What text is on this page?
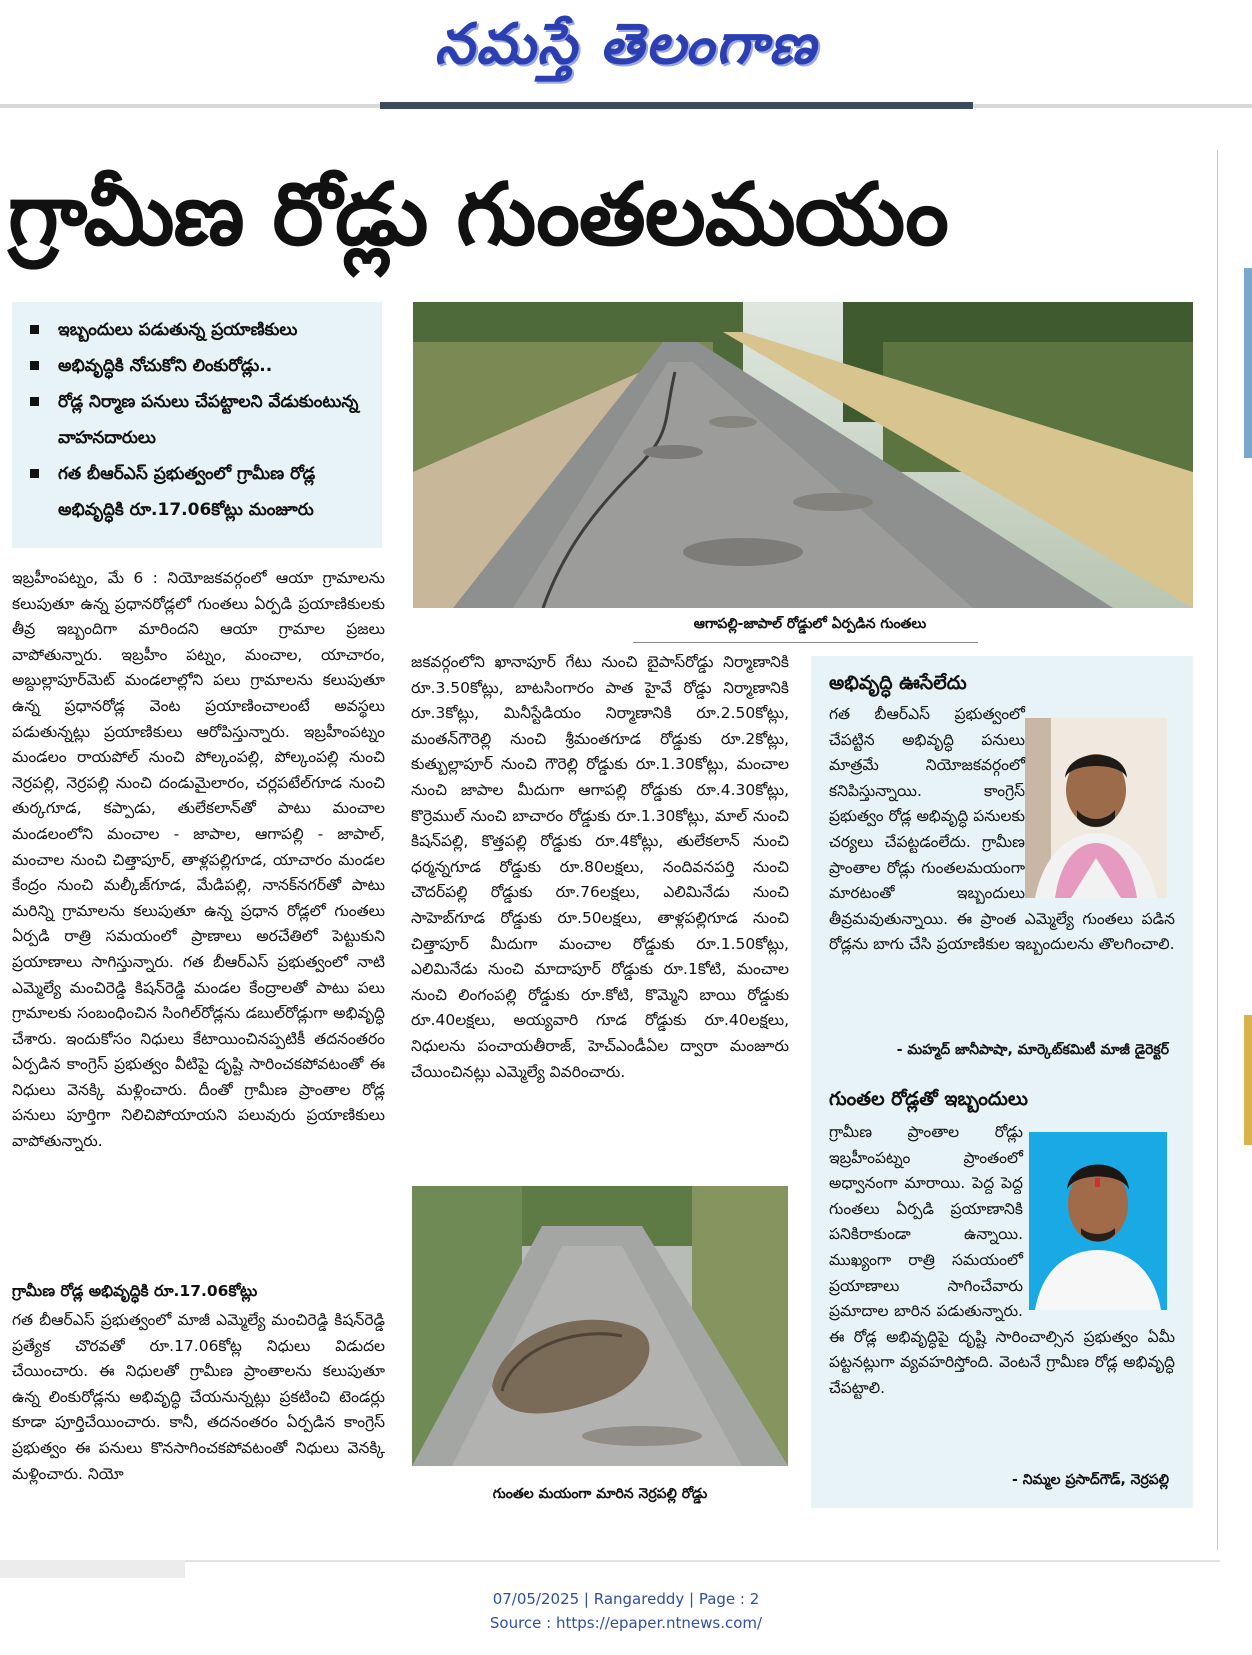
నమస్తే తెలంగాణ
గ్రామీణ రోడ్లు గుంతలమయం
ఇబ్బందులు పడుతున్న ప్రయాణికులు
అభివృద్ధికి నోచుకోని లింకురోడ్లు..
రోడ్ల నిర్మాణ పనులు చేపట్టాలని వేడుకుంటున్న వాహనదారులు
గత బీఆర్ఎస్ ప్రభుత్వంలో గ్రామీణ రోడ్ల అభివృద్ధికి రూ.17.06కోట్లు మంజూరు
ఆగాపల్లి-జాపాల్ రోడ్డులో ఏర్పడిన గుంతలు
ఇబ్రహీంపట్నం, మే 6 : నియోజకవర్గంలో ఆయా గ్రామాలను కలుపుతూ ఉన్న ప్రధానరోడ్లలో గుంతలు ఏర్పడి ప్రయాణికులకు తీవ్ర ఇబ్బందిగా మారిందని ఆయా గ్రామాల ప్రజలు వాపోతున్నారు. ఇబ్రహీం పట్నం, మంచాల, యాచారం, అబ్దుల్లాపూర్‌మెట్ మండలాల్లోని పలు గ్రామాలను కలుపుతూ ఉన్న ప్రధానరోడ్ల వెంట ప్రయాణించాలంటే అవస్థలు పడుతున్నట్లు ప్రయాణికులు ఆరోపిస్తున్నారు. ఇబ్రహీంపట్నం మండలం రాయపోల్ నుంచి పోల్కంపల్లి, పోల్కంపల్లి నుంచి నెర్రపల్లి, నెర్రపల్లి నుంచి దండుమైలారం, చర్లపటేల్‌గూడ నుంచి తుర్కగూడ, కప్పాడు, తులేకలాన్‌తో పాటు మంచాల మండలంలోని మంచాల - జాపాల, ఆగాపల్లి - జాపాల్, మంచాల నుంచి చిత్తాపూర్, తాళ్లపల్లిగూడ, యాచారం మండల కేంద్రం నుంచి మల్కీజ్‌గూడ, మేడిపల్లి, నానక్‌నగర్‌తో పాటు మరిన్ని గ్రామాలను కలుపుతూ ఉన్న ప్రధాన రోడ్లలో గుంతలు ఏర్పడి రాత్రి సమయంలో ప్రాణాలు అరచేతిలో పెట్టుకుని ప్రయాణాలు సాగిస్తున్నారు. గత బీఆర్ఎస్ ప్రభుత్వంలో నాటి ఎమ్మెల్యే మంచిరెడ్డి కిషన్‌రెడ్డి మండల కేంద్రాలతో పాటు పలు గ్రామాలకు సంబంధించిన సింగిల్‌రోడ్లను డబుల్‌రోడ్లుగా అభివృద్ధి చేశారు. ఇందుకోసం నిధులు కేటాయించినప్పటికీ తదనంతరం ఏర్పడిన కాంగ్రెస్ ప్రభుత్వం వీటిపై దృష్టి సారించకపోవటంతో ఈ నిధులు వెనక్కి మళ్లించారు. దీంతో గ్రామీణ ప్రాంతాల రోడ్ల పనులు పూర్తిగా నిలిచిపోయాయని పలువురు ప్రయాణికులు వాపోతున్నారు.
గ్రామీణ రోడ్ల అభివృద్ధికి రూ.17.06కోట్లు
గత బీఆర్ఎస్ ప్రభుత్వంలో మాజీ ఎమ్మెల్యే మంచిరెడ్డి కిషన్‌రెడ్డి ప్రత్యేక చొరవతో రూ.17.06కోట్ల నిధులు విడుదల చేయించారు. ఈ నిధులతో గ్రామీణ ప్రాంతాలను కలుపుతూ ఉన్న లింకురోడ్లను అభివృద్ధి చేయనున్నట్లు ప్రకటించి టెండర్లు కూడా పూర్తిచేయించారు. కానీ, తదనంతరం ఏర్పడిన కాంగ్రెస్ ప్రభుత్వం ఈ పనులు కొనసాగించకపోవటంతో నిధులు వెనక్కి మళ్లించారు. నియో
జకవర్గంలోని ఖానాపూర్ గేటు నుంచి బైపాస్‌రోడ్డు నిర్మాణానికి రూ.3.50కోట్లు, బాటసింగారం పాత హైవే రోడ్డు నిర్మాణానికి రూ.3కోట్లు, మినీస్టేడియం నిర్మాణానికి రూ.2.50కోట్లు, మంతన్‌గౌరెల్లి నుంచి శ్రీమంతగూడ రోడ్డుకు రూ.2కోట్లు, కుత్బుల్లాపూర్ నుంచి గౌరెల్లి రోడ్డుకు రూ.1.30కోట్లు, మంచాల నుంచి జాపాల మీదుగా ఆగాపల్లి రోడ్డుకు రూ.4.30కోట్లు, కొర్రెముల్ నుంచి బాచారం రోడ్డుకు రూ.1.30కోట్లు, మాల్ నుంచి కిషన్‌పల్లి, కొత్తపల్లి రోడ్డుకు రూ.4కోట్లు, తులేకలాన్ నుంచి ధర్మన్నగూడ రోడ్డుకు రూ.80లక్షలు, నందివనపర్తి నుంచి చౌదర్‌పల్లి రోడ్డుకు రూ.76లక్షలు, ఎలిమినేడు నుంచి సాహెబ్‌గూడ రోడ్డుకు రూ.50లక్షలు, తాళ్లపల్లిగూడ నుంచి చిత్తాపూర్ మీదుగా మంచాల రోడ్డుకు రూ.1.50కోట్లు, ఎలిమినేడు నుంచి మాదాపూర్ రోడ్డుకు రూ.1కోటి, మంచాల నుంచి లింగంపల్లి రోడ్డుకు రూ.కోటి, కొమ్మెని బాయి రోడ్డుకు రూ.40లక్షలు, అయ్యవారి గూడ రోడ్డుకు రూ.40లక్షలు, నిధులను పంచాయతీరాజ్, హెచ్ఎండీఏల ద్వారా మంజూరు చేయించినట్లు ఎమ్మెల్యే వివరించారు.
గుంతల మయంగా మారిన నెర్రపల్లి రోడ్డు
అభివృద్ధి ఊసేలేదు
గత బీఆర్ఎస్ ప్రభుత్వంలో చేపట్టిన అభివృద్ధి పనులు మాత్రమే నియోజకవర్గంలో కనిపిస్తున్నాయి. కాంగ్రెస్ ప్రభుత్వం రోడ్ల అభివృద్ధి పనులకు చర్యలు చేపట్టడంలేదు. గ్రామీణ ప్రాంతాల రోడ్లు గుంతలమయంగా మారటంతో ఇబ్బందులు తీవ్రమవుతున్నాయి. ఈ ప్రాంత ఎమ్మెల్యే గుంతలు పడిన రోడ్లను బాగు చేసి ప్రయాణికుల ఇబ్బందులను తొలగించాలి.
- మహ్మద్ జానీపాషా, మార్కెట్‌కమిటీ మాజీ డైరెక్టర్
గుంతల రోడ్లతో ఇబ్బందులు
గ్రామీణ ప్రాంతాల రోడ్లు ఇబ్రహీంపట్నం ప్రాంతంలో అధ్వానంగా మారాయి. పెద్ద పెద్ద గుంతలు ఏర్పడి ప్రయాణానికి పనికిరాకుండా ఉన్నాయి. ముఖ్యంగా రాత్రి సమయంలో ప్రయాణాలు సాగించేవారు ప్రమాదాల బారిన పడుతున్నారు. ఈ రోడ్ల అభివృద్ధిపై దృష్టి సారించాల్సిన ప్రభుత్వం ఏమీ పట్టనట్లుగా వ్యవహరిస్తోంది. వెంటనే గ్రామీణ రోడ్ల అభివృద్ధి చేపట్టాలి.
- నిమ్మల ప్రసాద్‌గౌడ్, నెర్రపల్లి
07/05/2025 | Rangareddy | Page : 2
Source : https://epaper.ntnews.com/
